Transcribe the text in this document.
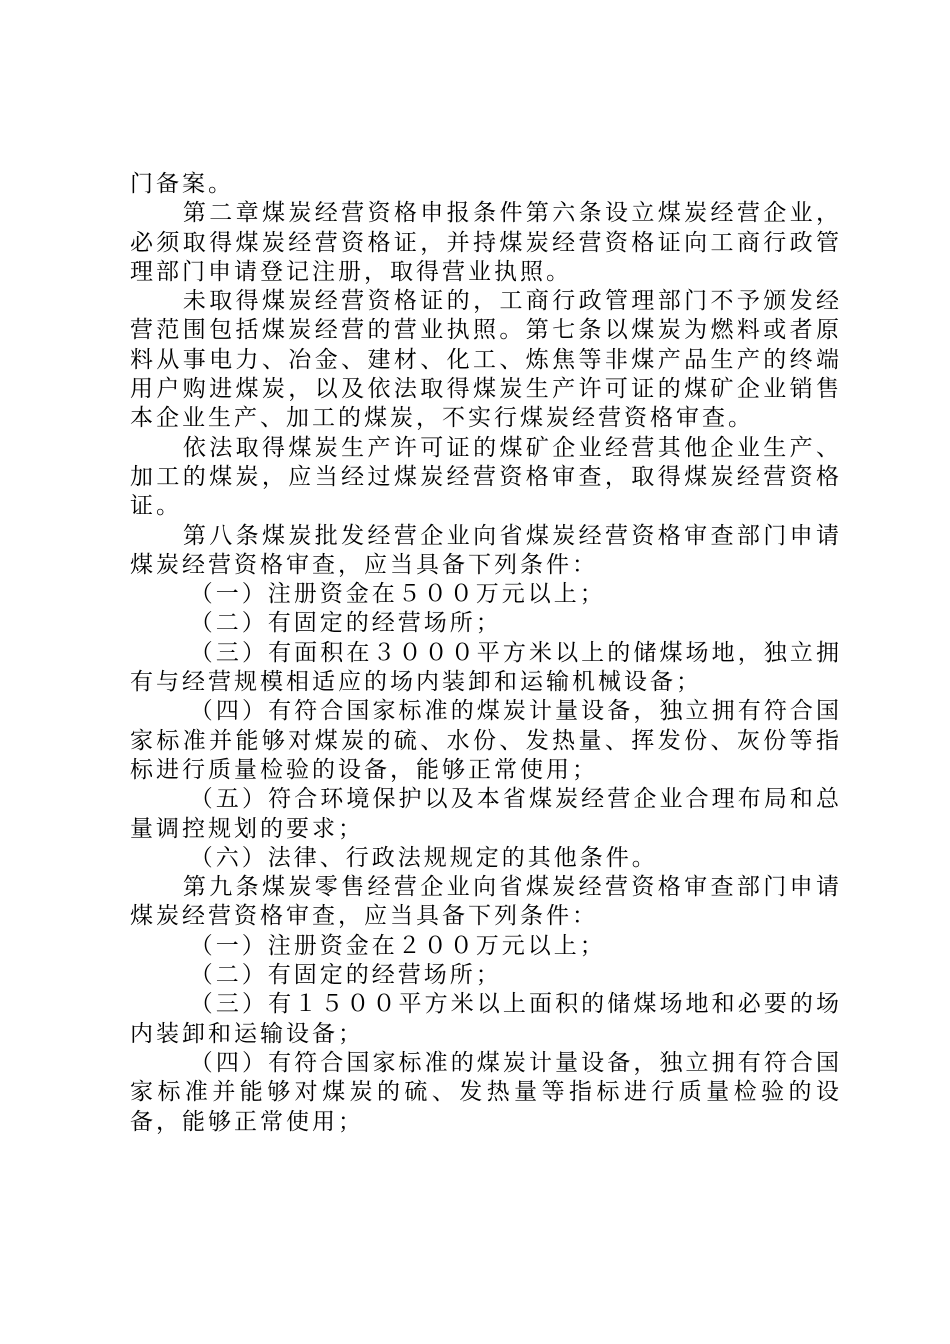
门备案。

第二章煤炭经营资格申报条件第六条设立煤炭经营企业，必须取得煤炭经营资格证，并持煤炭经营资格证向工商行政管理部门申请登记注册，取得营业执照。

未取得煤炭经营资格证的，工商行政管理部门不予颁发经营范围包括煤炭经营的营业执照。第七条以煤炭为燃料或者原料从事电力、冶金、建材、化工、炼焦等非煤产品生产的终端用户购进煤炭，以及依法取得煤炭生产许可证的煤矿企业销售本企业生产、加工的煤炭，不实行煤炭经营资格审查。

依法取得煤炭生产许可证的煤矿企业经营其他企业生产、加工的煤炭，应当经过煤炭经营资格审查，取得煤炭经营资格证。

第八条煤炭批发经营企业向省煤炭经营资格审查部门申请煤炭经营资格审查，应当具备下列条件：

（一）注册资金在５００万元以上；

（二）有固定的经营场所；

（三）有面积在３０００平方米以上的储煤场地，独立拥有与经营规模相适应的场内装卸和运输机械设备；

（四）有符合国家标准的煤炭计量设备，独立拥有符合国家标准并能够对煤炭的硫、水份、发热量、挥发份、灰份等指标进行质量检验的设备，能够正常使用；

（五）符合环境保护以及本省煤炭经营企业合理布局和总量调控规划的要求；

（六）法律、行政法规规定的其他条件。

第九条煤炭零售经营企业向省煤炭经营资格审查部门申请煤炭经营资格审查，应当具备下列条件：

（一）注册资金在２００万元以上；

（二）有固定的经营场所；

（三）有１５００平方米以上面积的储煤场地和必要的场内装卸和运输设备；

（四）有符合国家标准的煤炭计量设备，独立拥有符合国家标准并能够对煤炭的硫、发热量等指标进行质量检验的设备，能够正常使用；
